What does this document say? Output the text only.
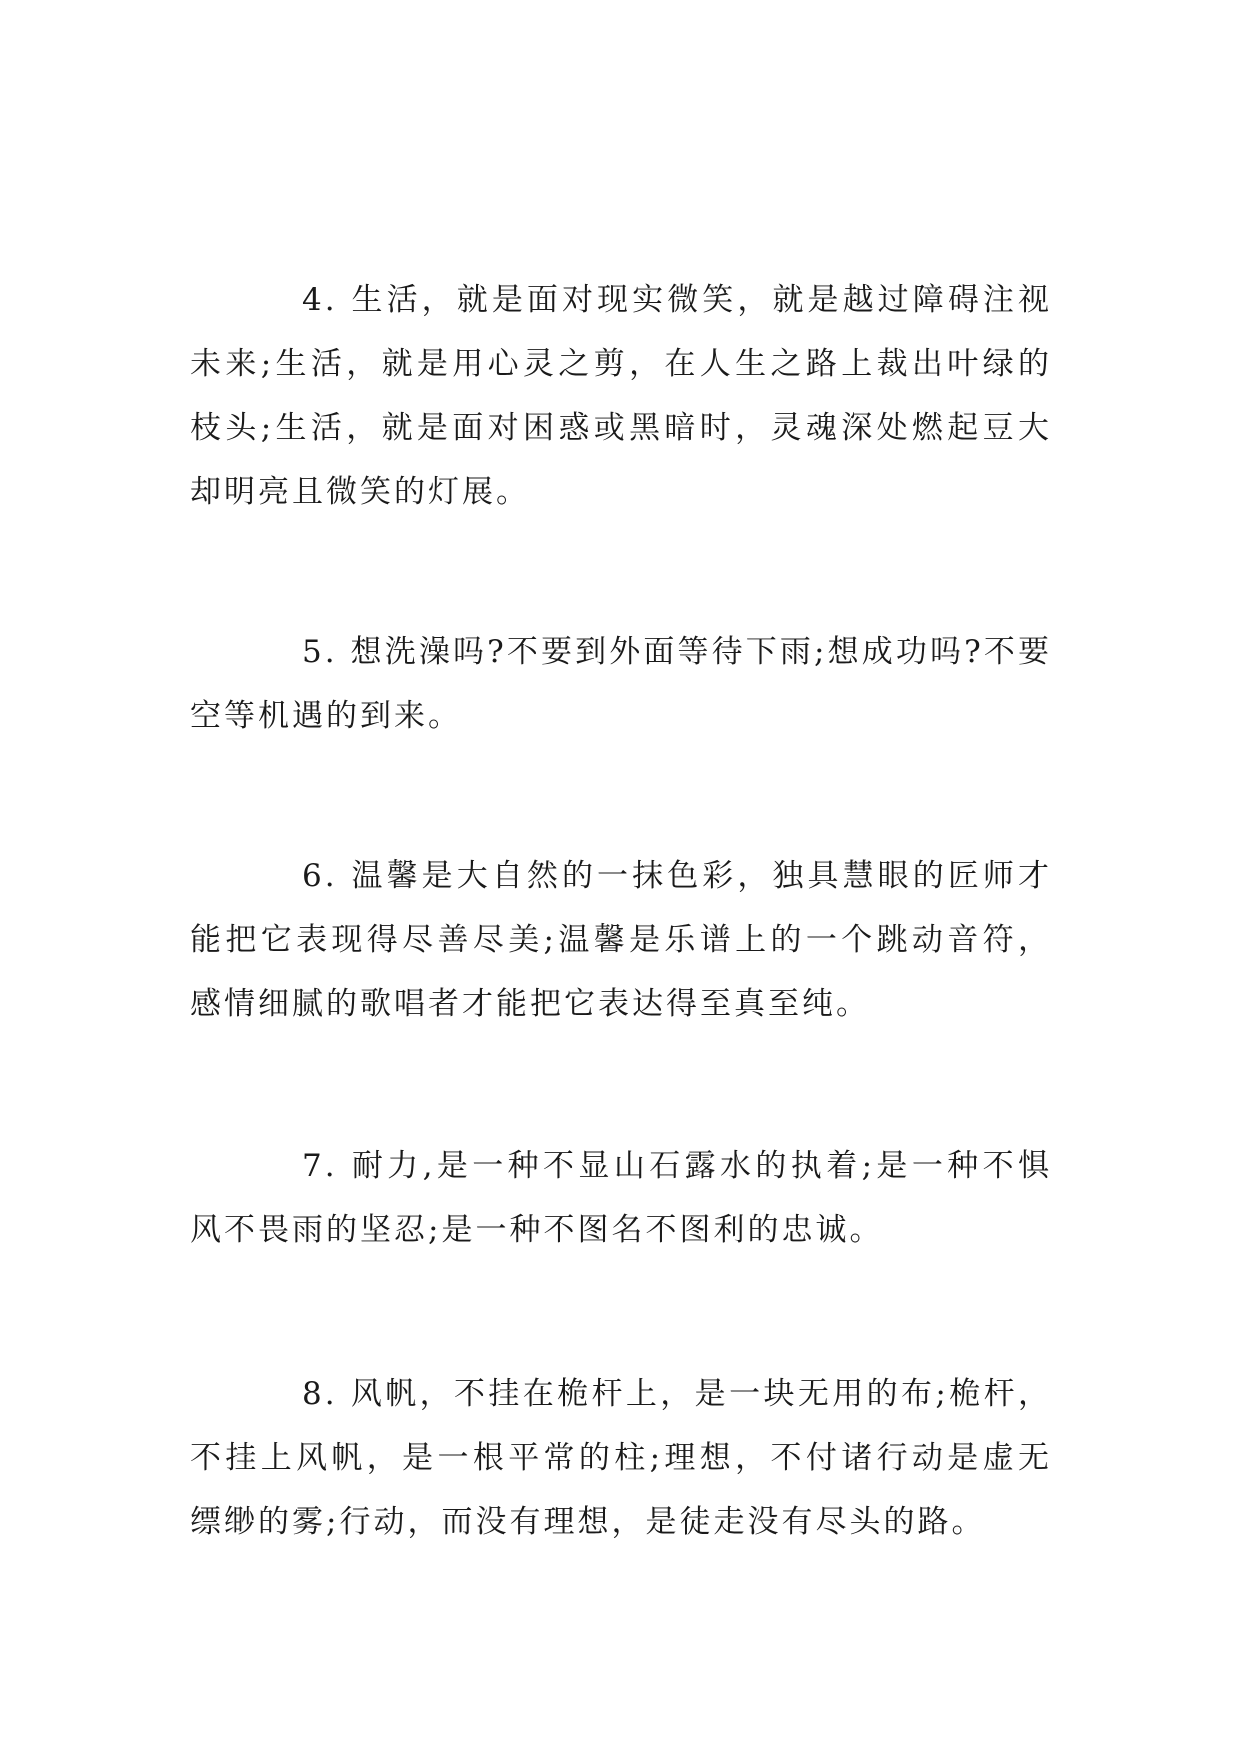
4. 生活，就是面对现实微笑，就是越过障碍注视未来;生活，就是用心灵之剪，在人生之路上裁出叶绿的枝头;生活，就是面对困惑或黑暗时，灵魂深处燃起豆大却明亮且微笑的灯展。

5. 想洗澡吗?不要到外面等待下雨;想成功吗?不要空等机遇的到来。

6. 温馨是大自然的一抹色彩，独具慧眼的匠师才能把它表现得尽善尽美;温馨是乐谱上的一个跳动音符，感情细腻的歌唱者才能把它表达得至真至纯。

7. 耐力,是一种不显山石露水的执着;是一种不惧风不畏雨的坚忍;是一种不图名不图利的忠诚。

8. 风帆，不挂在桅杆上，是一块无用的布;桅杆，不挂上风帆，是一根平常的柱;理想，不付诸行动是虚无缥缈的雾;行动，而没有理想，是徒走没有尽头的路。
